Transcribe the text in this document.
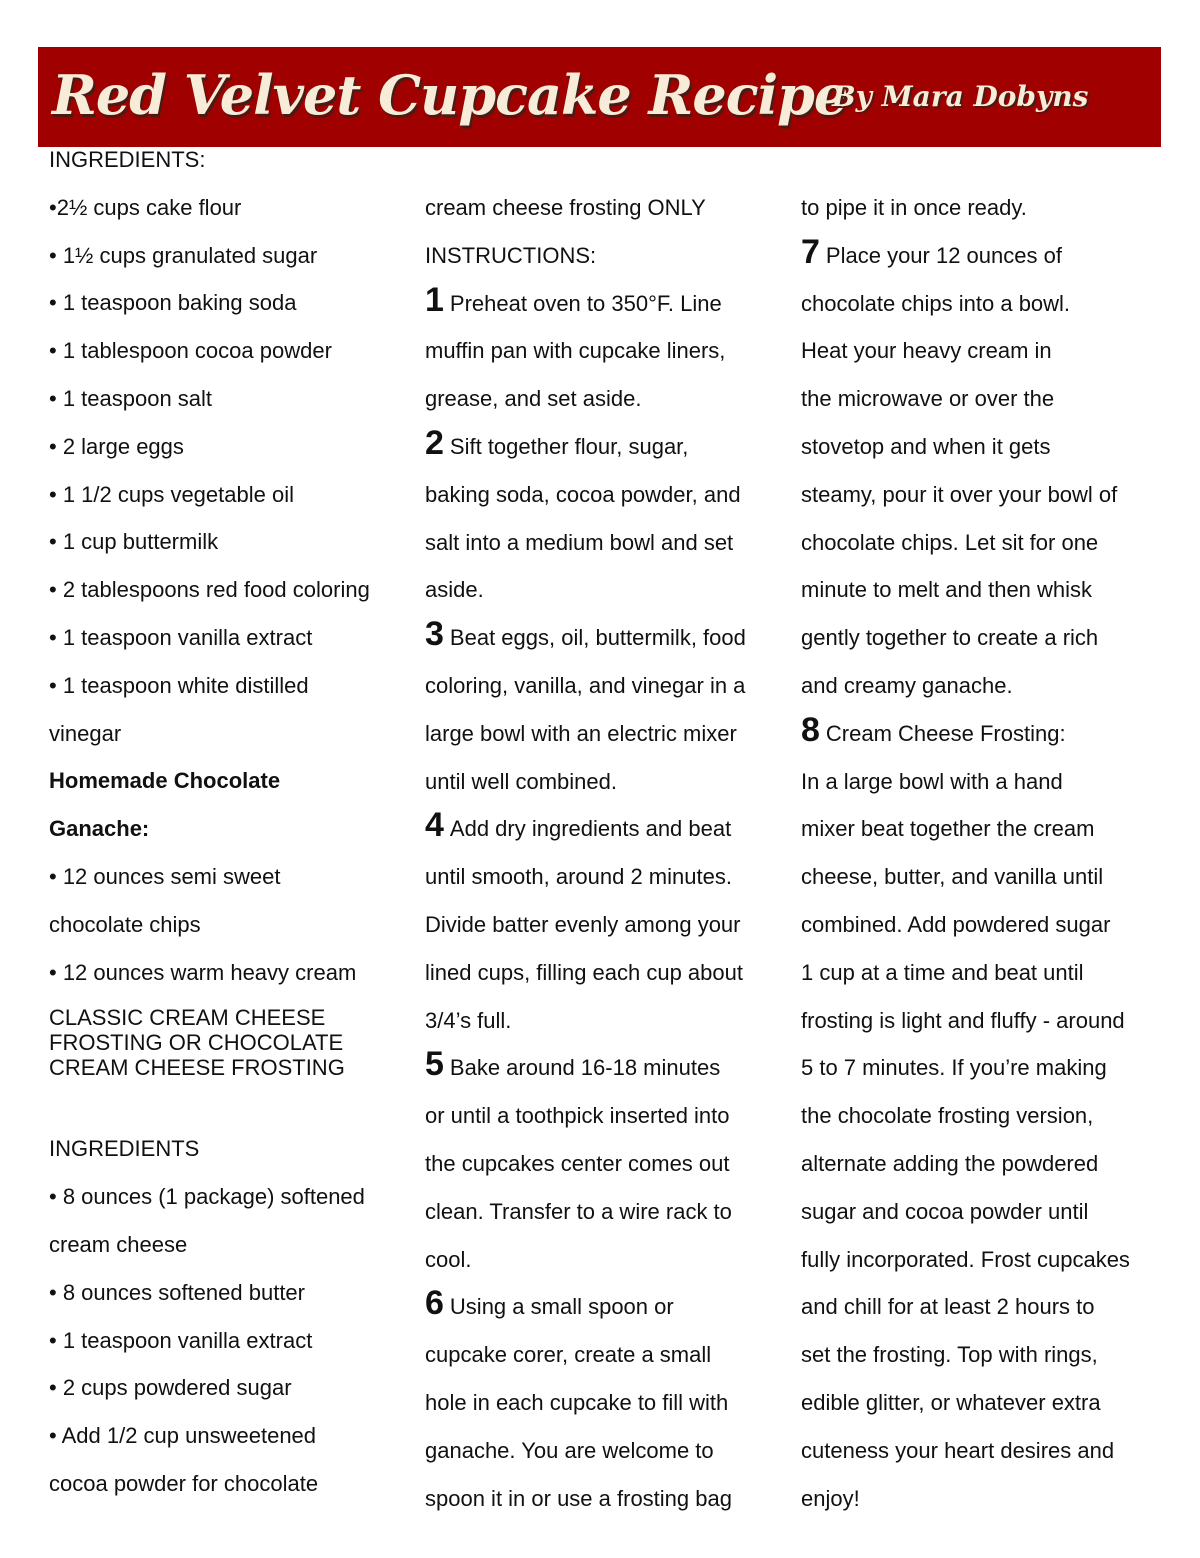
Red Velvet Cupcake Recipe
By Mara Dobyns
INGREDIENTS:
•2½ cups cake flour
• 1½ cups granulated sugar
• 1 teaspoon baking soda
• 1 tablespoon cocoa powder
• 1 teaspoon salt
• 2 large eggs
• 1 1/2 cups vegetable oil
• 1 cup buttermilk
• 2 tablespoons red food coloring
• 1 teaspoon vanilla extract
• 1 teaspoon white distilled
vinegar
Homemade Chocolate
Ganache:
• 12 ounces semi sweet
chocolate chips
• 12 ounces warm heavy cream
CLASSIC CREAM CHEESE
FROSTING OR CHOCOLATE
CREAM CHEESE FROSTING
INGREDIENTS
• 8 ounces (1 package) softened
cream cheese
• 8 ounces softened butter
• 1 teaspoon vanilla extract
• 2 cups powdered sugar
• Add 1/2 cup unsweetened
cocoa powder for chocolate
cream cheese frosting ONLY
INSTRUCTIONS:
1 Preheat oven to 350°F. Line
muffin pan with cupcake liners,
grease, and set aside.
2 Sift together flour, sugar,
baking soda, cocoa powder, and
salt into a medium bowl and set
aside.
3 Beat eggs, oil, buttermilk, food
coloring, vanilla, and vinegar in a
large bowl with an electric mixer
until well combined.
4 Add dry ingredients and beat
until smooth, around 2 minutes.
Divide batter evenly among your
lined cups, filling each cup about
3/4’s full.
5 Bake around 16-18 minutes
or until a toothpick inserted into
the cupcakes center comes out
clean. Transfer to a wire rack to
cool.
6 Using a small spoon or
cupcake corer, create a small
hole in each cupcake to fill with
ganache. You are welcome to
spoon it in or use a frosting bag
to pipe it in once ready.
7 Place your 12 ounces of
chocolate chips into a bowl.
Heat your heavy cream in
the microwave or over the
stovetop and when it gets
steamy, pour it over your bowl of
chocolate chips. Let sit for one
minute to melt and then whisk
gently together to create a rich
and creamy ganache.
8 Cream Cheese Frosting:
In a large bowl with a hand
mixer beat together the cream
cheese, butter, and vanilla until
combined. Add powdered sugar
1 cup at a time and beat until
frosting is light and fluffy - around
5 to 7 minutes. If you’re making
the chocolate frosting version,
alternate adding the powdered
sugar and cocoa powder until
fully incorporated. Frost cupcakes
and chill for at least 2 hours to
set the frosting. Top with rings,
edible glitter, or whatever extra
cuteness your heart desires and
enjoy!
